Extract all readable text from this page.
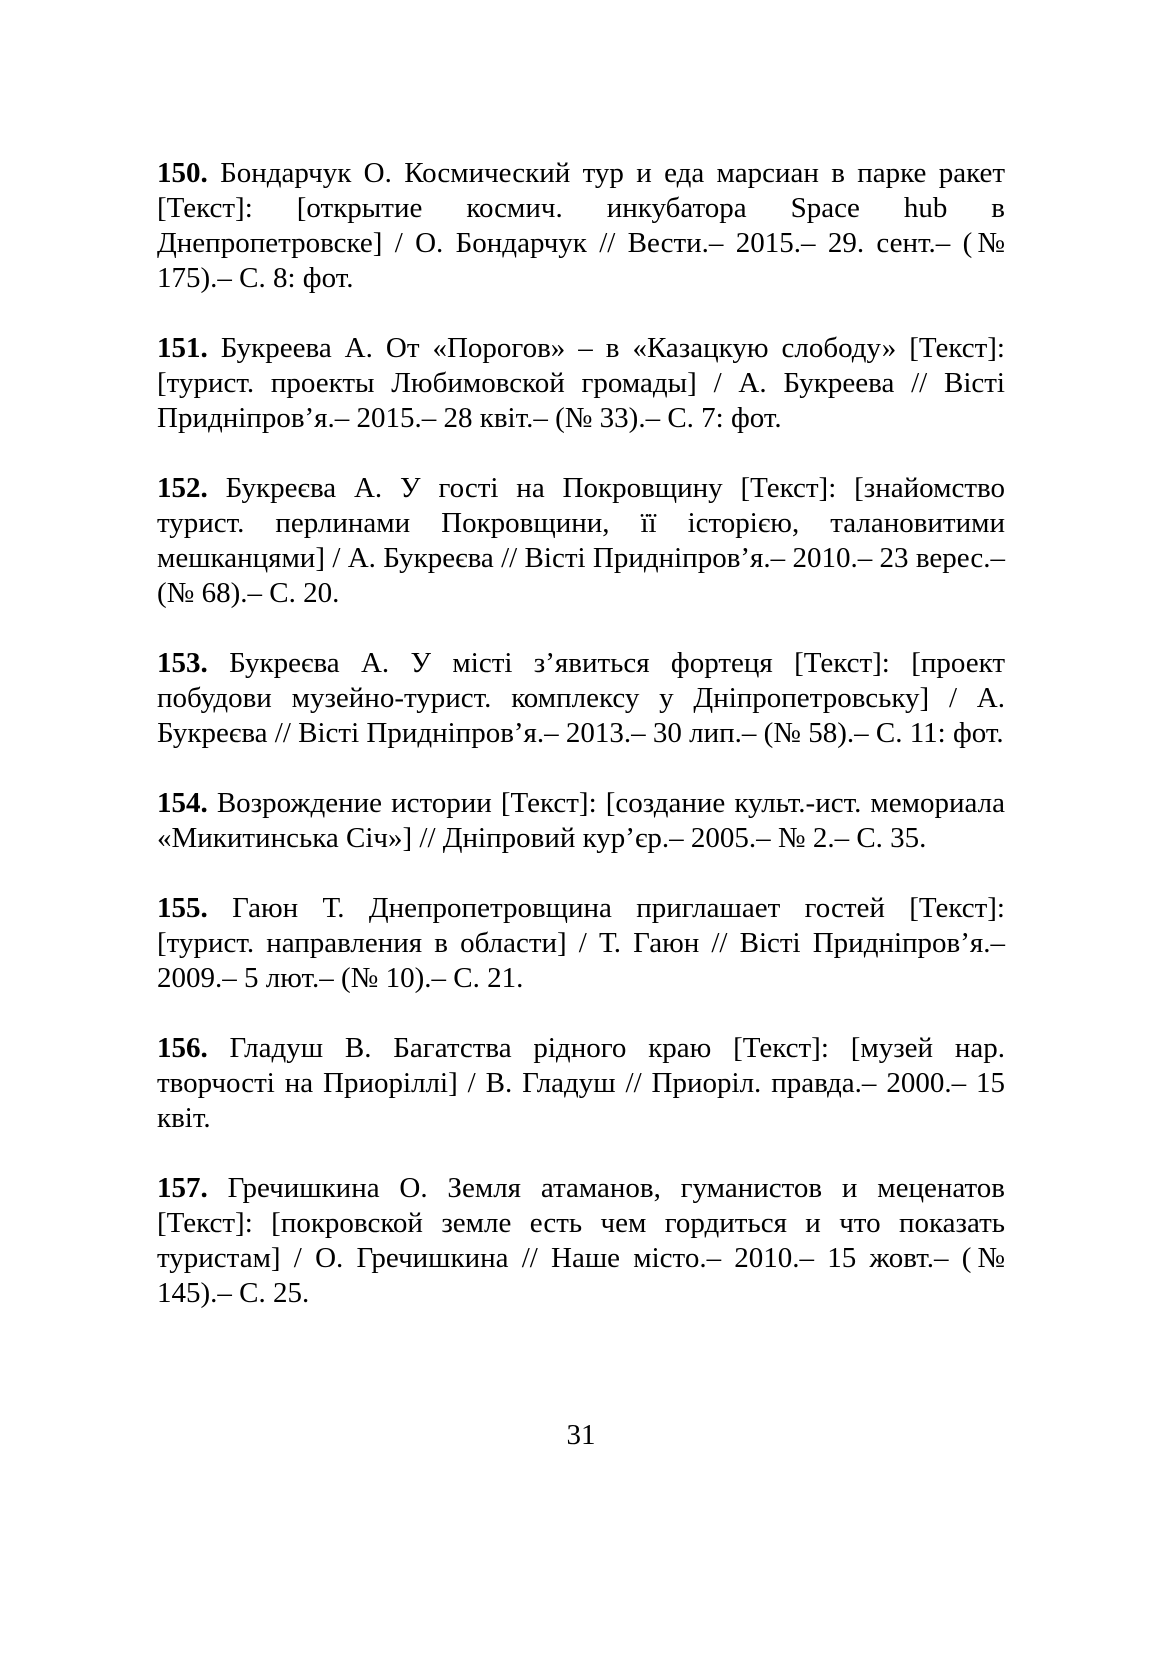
150. Бондарчук О. Космический тур и еда марсиан в парке ракет [Текст]: [открытие космич. инкубатора Space hub в Днепропетровске] / О. Бондарчук // Вести.– 2015.– 29. сент.– (№ 175).– С. 8: фот.

151. Букреева А. От «Порогов» – в «Казацкую слободу» [Текст]: [турист. проекты Любимовской громады] / А. Букреева // Вісті Придніпров’я.– 2015.– 28 квіт.– (№ 33).– С. 7: фот.

152. Букреєва А. У гості на Покровщину [Текст]: [знайомство турист. перлинами Покровщини, її історією, талановитими мешканцями] / А. Букреєва // Вісті Придніпров’я.– 2010.– 23 верес.– (№ 68).– С. 20.

153. Букреєва А. У місті з’явиться фортеця [Текст]: [проект побудови музейно-турист. комплексу у Дніпропетровську] / А. Букреєва // Вісті Придніпров’я.– 2013.– 30 лип.– (№ 58).– С. 11: фот.

154. Возрождение истории [Текст]: [создание культ.-ист. мемориала «Микитинська Січ»] // Дніпровий кур’єр.– 2005.– № 2.– С. 35.

155. Гаюн Т. Днепропетровщина приглашает гостей [Текст]: [турист. направления в области] / Т. Гаюн // Вісті Придніпров’я.– 2009.– 5 лют.– (№ 10).– С. 21.

156. Гладуш В. Багатства рідного краю [Текст]: [музей нар. творчості на Приоріллі] / В. Гладуш // Приоріл. правда.– 2000.– 15 квіт.

157. Гречишкина О. Земля атаманов, гуманистов и меценатов [Текст]: [покровской земле есть чем гордиться и что показать туристам] / О. Гречишкина // Наше місто.– 2010.– 15 жовт.– (№ 145).– С. 25.

31
